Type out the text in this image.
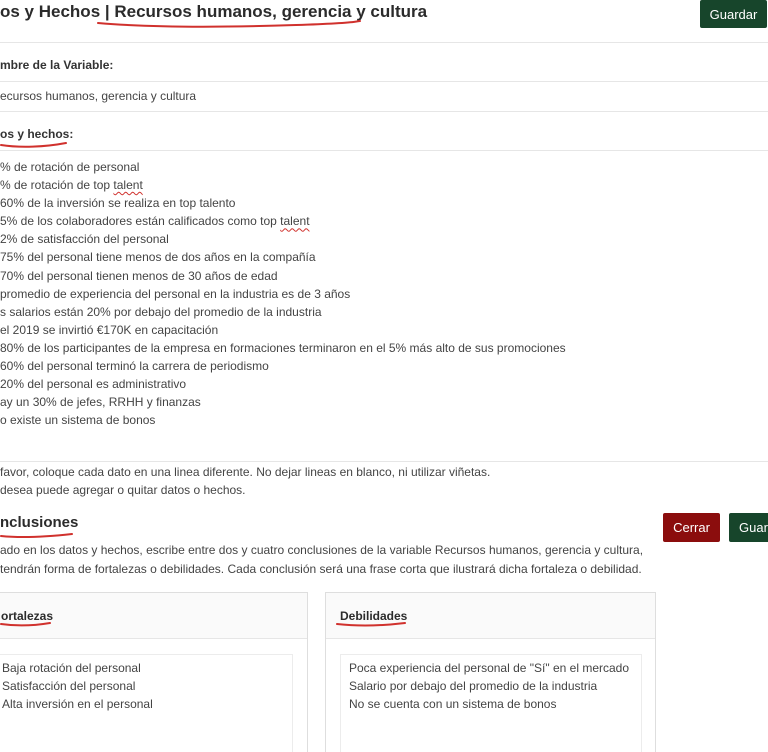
os y Hechos | Recursos humanos, gerencia y cultura	Guardar
mbre de la Variable:
ecursos humanos, gerencia y cultura
os y hechos:
% de rotación de personal
% de rotación de top talent
60% de la inversión se realiza en top talento
5% de los colaboradores están calificados como top talent
2% de satisfacción del personal
75% del personal tiene menos de dos años en la compañía
70% del personal tienen menos de 30 años de edad
promedio de experiencia del personal en la industria es de 3 años
s salarios están 20% por debajo del promedio de la industria
el 2019 se invirtió €170K en capacitación
80% de los participantes de la empresa en formaciones terminaron en el 5% más alto de sus promociones
60% del personal terminó la carrera de periodismo
20% del personal es administrativo
ay un 30% de jefes, RRHH y finanzas
o existe un sistema de bonos
favor, coloque cada dato en una linea diferente. No dejar lineas en blanco, ni utilizar viñetas.
desea puede agregar o quitar datos o hechos.
nclusiones	Cerrar	Guar
ado en los datos y hechos, escribe entre dos y cuatro conclusiones de la variable Recursos humanos, gerencia y cultura,
tendrán forma de fortalezas o debilidades. Cada conclusión será una frase corta que ilustrará dicha fortaleza o debilidad.
ortalezas
Baja rotación del personal
Satisfacción del personal
Alta inversión en el personal
Debilidades
Poca experiencia del personal de "Sí" en el mercado
Salario por debajo del promedio de la industria
No se cuenta con un sistema de bonos
